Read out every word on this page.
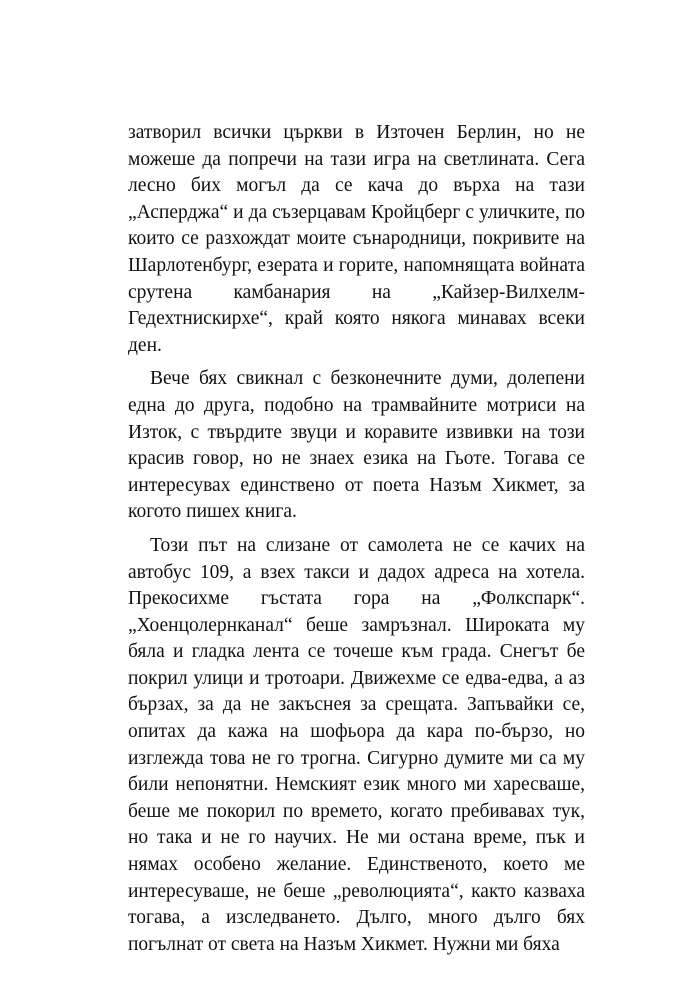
затворил всички църкви в Източен Берлин, но не можеше да попречи на тази игра на светлината. Сега лесно бих могъл да се кача до върха на тази „Асперджа“ и да съзерцавам Кройцберг с уличките, по които се разхождат моите сънародници, покривите на Шарлотенбург, езерата и горите, напомнящата войната срутена камбанария на „Кайзер-Вилхелм-Гедехтнискирхе“, край която някога минавах всеки ден.

Вече бях свикнал с безконечните думи, долепени една до друга, подобно на трамвайните мотриси на Изток, с твърдите звуци и коравите извивки на този красив говор, но не знаех езика на Гьоте. Тогава се интересувах единствено от поета Назъм Хикмет, за когото пишех книга.

Този път на слизане от самолета не се качих на автобус 109, а взех такси и дадох адреса на хотела. Прекосихме гъстата гора на „Фолкспарк“. „Хоенцолернканал“ беше замръзнал. Широката му бяла и гладка лента се точеше към града. Снегът бе покрил улици и тротоари. Движехме се едва-едва, а аз бързах, за да не закъснея за срещата. Запъвайки се, опитах да кажа на шофьора да кара по-бързо, но изглежда това не го трогна. Сигурно думите ми са му били непонятни. Немският език много ми харесваше, беше ме покорил по времето, когато пребивавах тук, но така и не го научих. Не ми остана време, пък и нямах особено желание. Единственото, което ме интересуваше, не беше „революцията“, както казваха тогава, а изследването. Дълго, много дълго бях погълнат от света на Назъм Хикмет. Нужни ми бяха
